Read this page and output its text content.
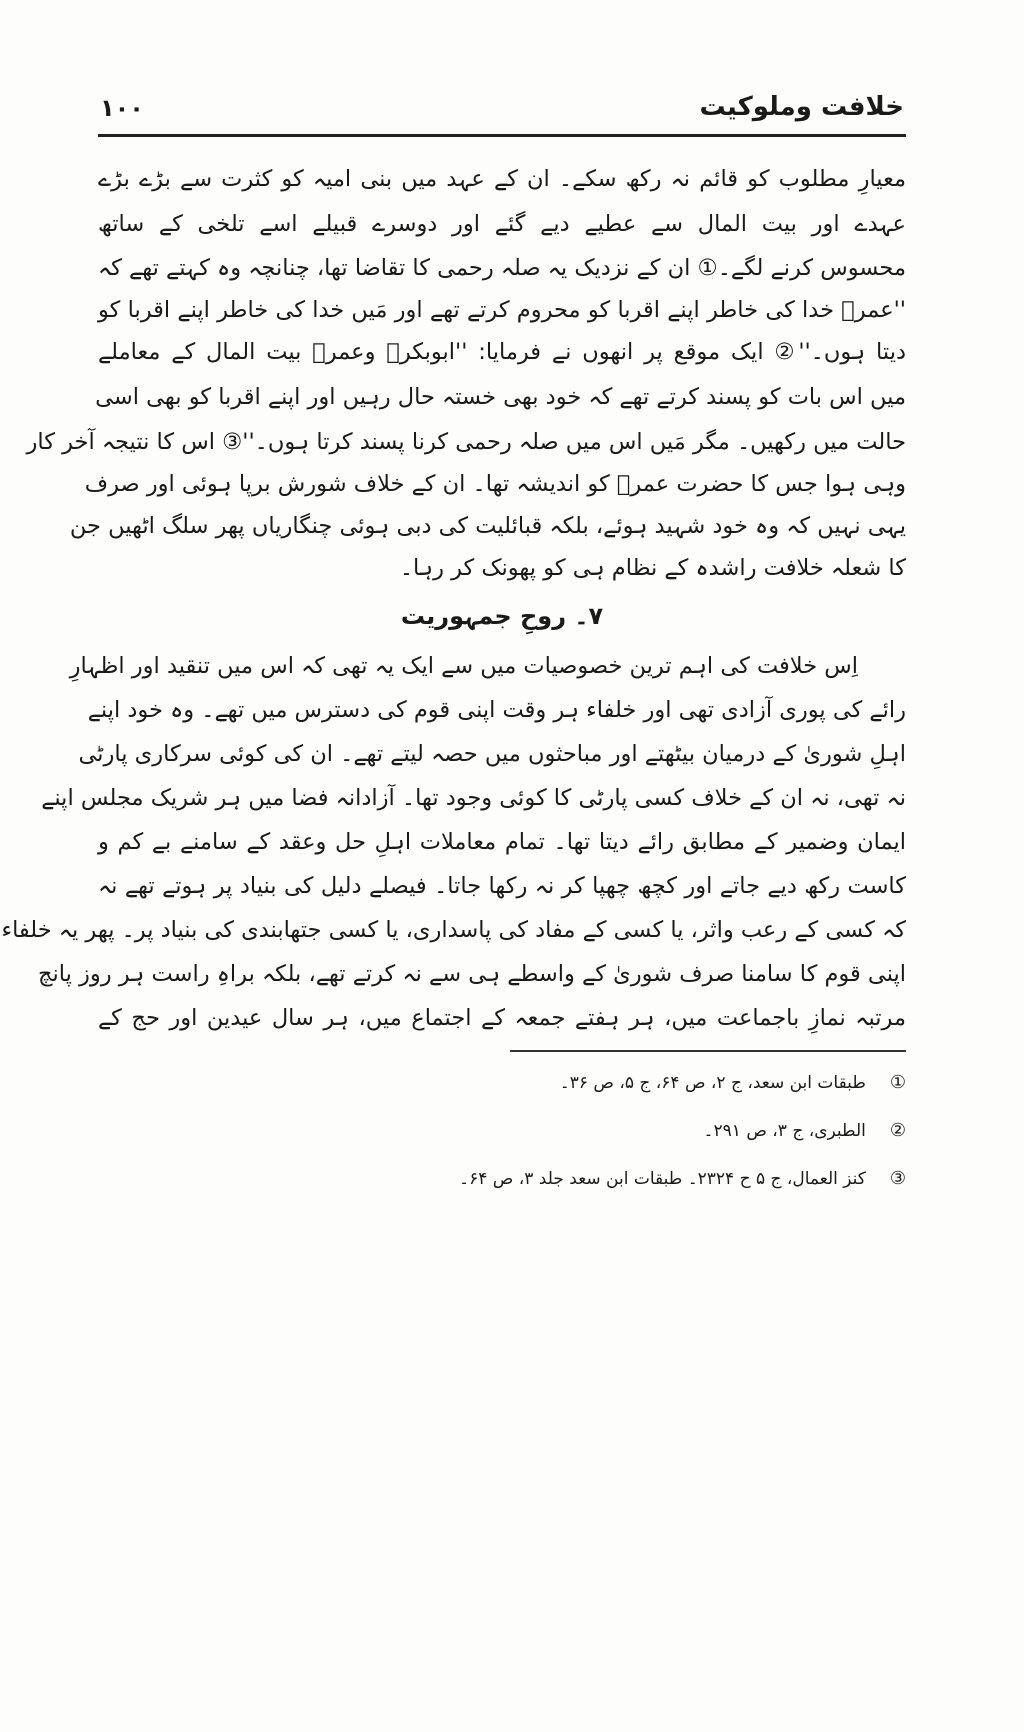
خلافت وملوکیت
۱۰۰
معیارِ مطلوب کو قائم نہ رکھ سکے۔ ان کے عہد میں بنی امیہ کو کثرت سے بڑے بڑے
عہدے اور بیت المال سے عطیے دیے گئے اور دوسرے قبیلے اسے تلخی کے ساتھ
محسوس کرنے لگے۔① ان کے نزدیک یہ صلہ رحمی کا تقاضا تھا، چنانچہ وہ کہتے تھے کہ
''عمرؓ خدا کی خاطر اپنے اقربا کو محروم کرتے تھے اور مَیں خدا کی خاطر اپنے اقربا کو
دیتا ہوں۔''② ایک موقع پر انھوں نے فرمایا: ''ابوبکرؓ وعمرؓ بیت المال کے معاملے
میں اس بات کو پسند کرتے تھے کہ خود بھی خستہ حال رہیں اور اپنے اقربا کو بھی اسی
حالت میں رکھیں۔ مگر مَیں اس میں صلہ رحمی کرنا پسند کرتا ہوں۔''③ اس کا نتیجہ آخر کار
وہی ہوا جس کا حضرت عمرؓ کو اندیشہ تھا۔ ان کے خلاف شورش برپا ہوئی اور صرف
یہی نہیں کہ وہ خود شہید ہوئے، بلکہ قبائلیت کی دبی ہوئی چنگاریاں پھر سلگ اٹھیں جن
کا شعلہ خلافت راشدہ کے نظام ہی کو پھونک کر رہا۔
۷۔ روحِ جمہوریت
اِس خلافت کی اہم ترین خصوصیات میں سے ایک یہ تھی کہ اس میں تنقید اور اظہارِ
رائے کی پوری آزادی تھی اور خلفاء ہر وقت اپنی قوم کی دسترس میں تھے۔ وہ خود اپنے
اہلِ شوریٰ کے درمیان بیٹھتے اور مباحثوں میں حصہ لیتے تھے۔ ان کی کوئی سرکاری پارٹی
نہ تھی، نہ ان کے خلاف کسی پارٹی کا کوئی وجود تھا۔ آزادانہ فضا میں ہر شریک مجلس اپنے
ایمان وضمیر کے مطابق رائے دیتا تھا۔ تمام معاملات اہلِ حل وعقد کے سامنے بے کم و
کاست رکھ دیے جاتے اور کچھ چھپا کر نہ رکھا جاتا۔ فیصلے دلیل کی بنیاد پر ہوتے تھے نہ
کہ کسی کے رعب واثر، یا کسی کے مفاد کی پاسداری، یا کسی جتھابندی کی بنیاد پر۔ پھر یہ خلفاء
اپنی قوم کا سامنا صرف شوریٰ کے واسطے ہی سے نہ کرتے تھے، بلکہ براہِ راست ہر روز پانچ
مرتبہ نمازِ باجماعت میں، ہر ہفتے جمعہ کے اجتماع میں، ہر سال عیدین اور حج کے
①طبقات ابن سعد، ج ۲، ص ۶۴، ج ۵، ص ۳۶۔
②الطبری، ج ۳، ص ۲۹۱۔
③کنز العمال، ج ۵ ح ۲۳۲۴۔ طبقات ابن سعد جلد ۳، ص ۶۴۔
